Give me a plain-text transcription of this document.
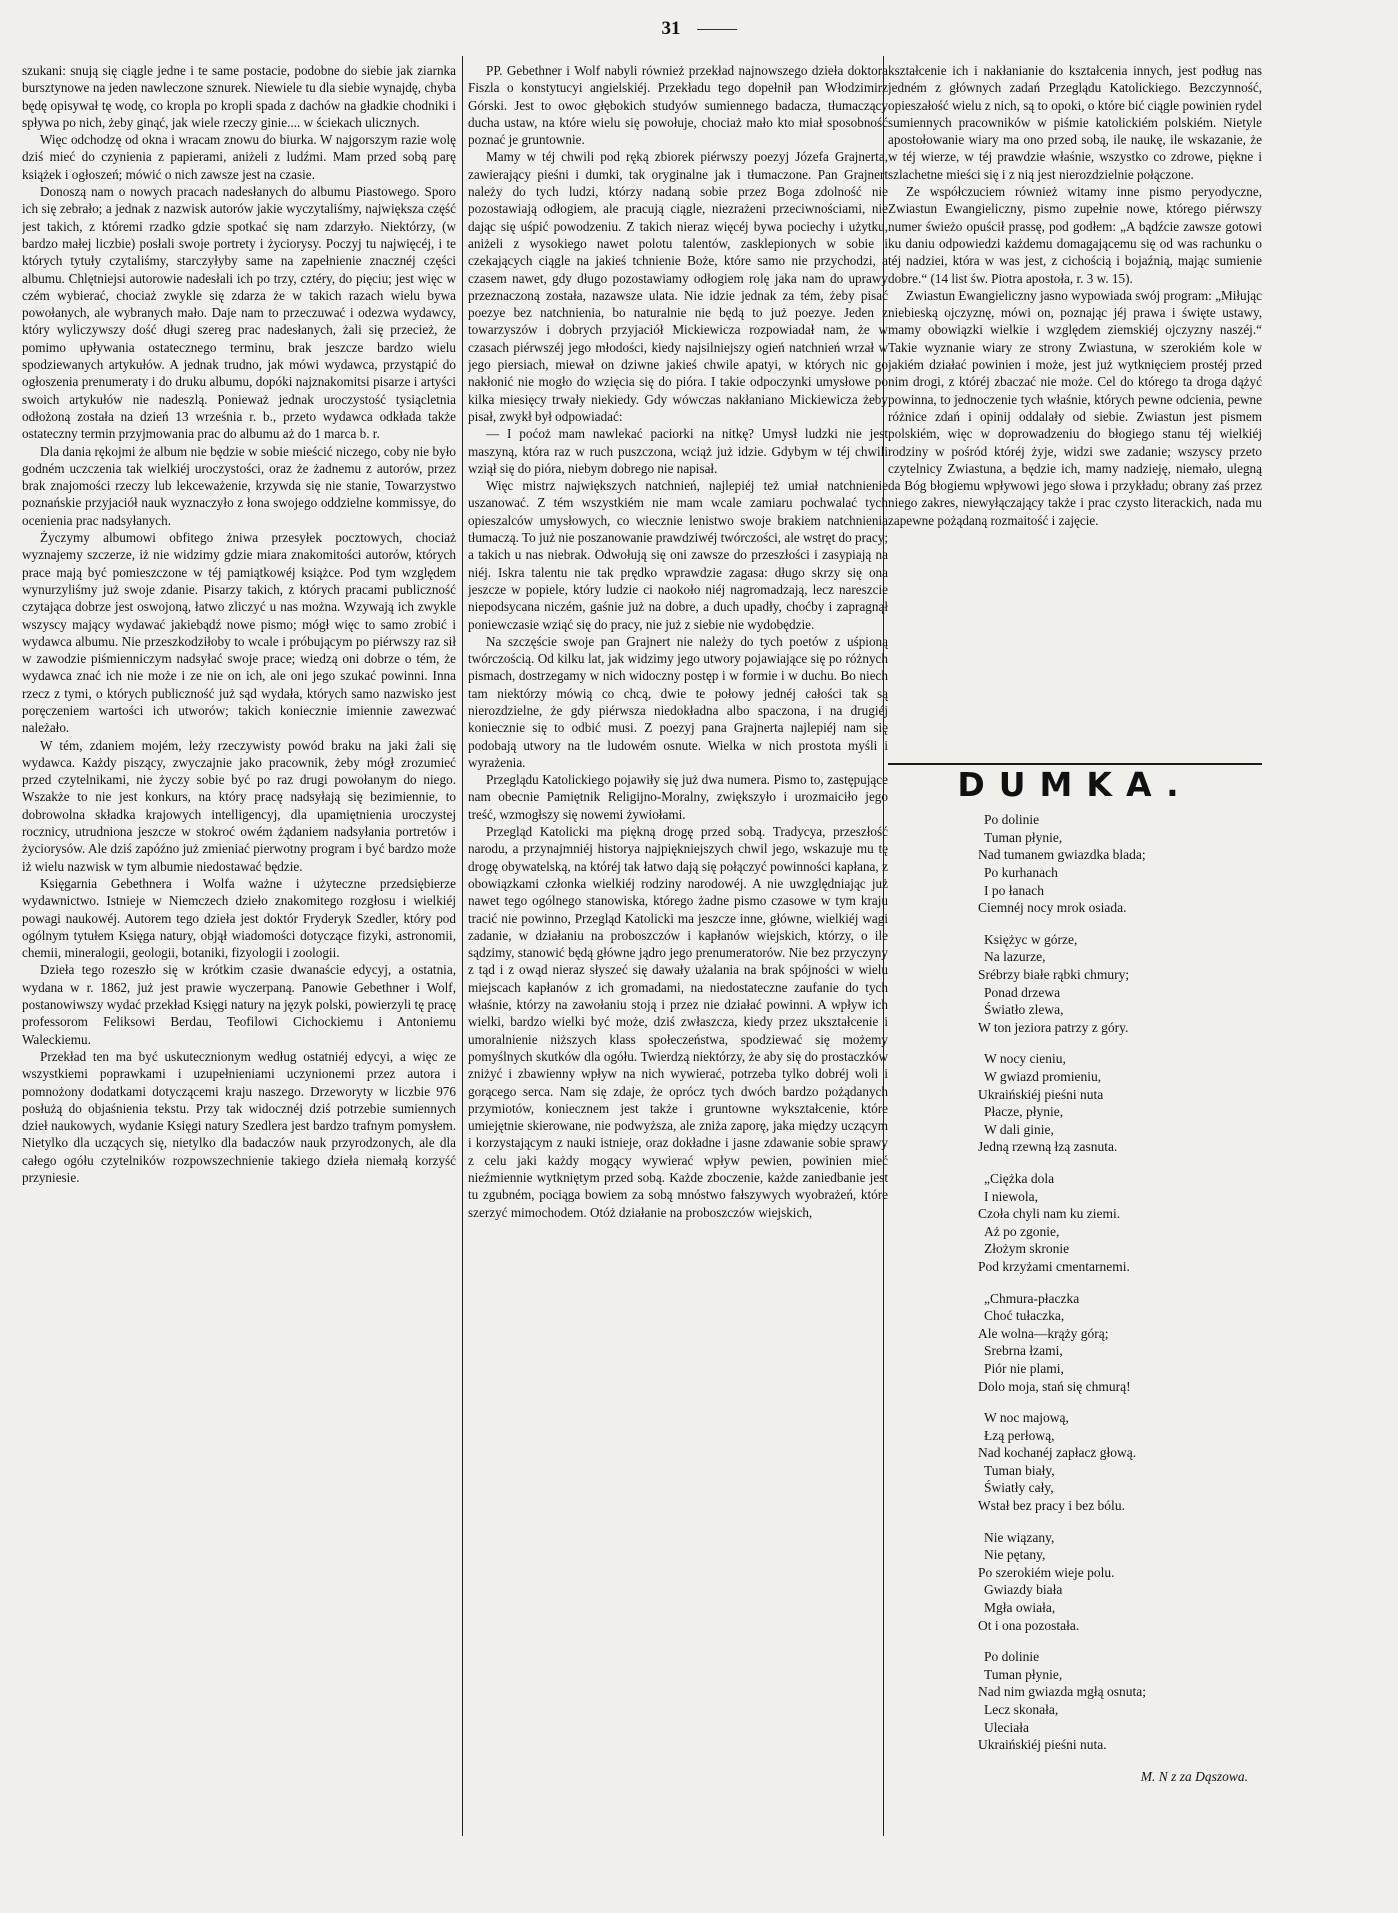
31

szukani: snują się ciągle jedne i te same postacie, podobne do siebie jak ziarnka bursztynowe na jeden nawleczone sznurek. Niewiele tu dla siebie wynajdę, chyba będę opisywał tę wodę, co kropla po kropli spada z dachów na gładkie chodniki i spływa po nich, żeby ginąć, jak wiele rzeczy ginie.... w ściekach ulicznych.

Więc odchodzę od okna i wracam znowu do biurka. W najgorszym razie wolę dziś mieć do czynienia z papierami, aniżeli z ludźmi. Mam przed sobą parę książek i ogłoszeń; mówić o nich zawsze jest na czasie.

Donoszą nam o nowych pracach nadesłanych do albumu Piastowego. Sporo ich się zebrało; a jednak z nazwisk autorów jakie wyczytaliśmy, największa część jest takich, z któremi rzadko gdzie spotkać się nam zdarzyło. Niektórzy, (w bardzo małej liczbie) posłali swoje portrety i życiorysy. Poczyj tu najwięcéj, i te których tytuły czytaliśmy, starczyłyby same na zapełnienie znacznéj części albumu. Chlętniejsi autorowie nadesłali ich po trzy, cztéry, do pięciu; jest więc w czém wybierać, chociaż zwykle się zdarza że w takich razach wielu bywa powołanych, ale wybranych mało. Daje nam to przeczuwać i odezwa wydawcy, który wyliczywszy dość długi szereg prac nadesłanych, żali się przecież, że pomimo upływania ostatecznego terminu, brak jeszcze bardzo wielu spodziewanych artykułów. A jednak trudno, jak mówi wydawca, przystąpić do ogłoszenia prenumeraty i do druku albumu, dopóki najznakomitsi pisarze i artyści swoich artykułów nie nadeszlą. Ponieważ jednak uroczystość tysiącletnia odłożoną została na dzień 13 września r. b., przeto wydawca odkłada także ostateczny termin przyjmowania prac do albumu aż do 1 marca b. r.

Dla dania rękojmi że album nie będzie w sobie mieścić niczego, coby nie było godném uczczenia tak wielkiéj uroczystości, oraz że żadnemu z autorów, przez brak znajomości rzeczy lub lekceważenie, krzywda się nie stanie, Towarzystwo poznańskie przyjaciół nauk wyznaczyło z łona swojego oddzielne kommissye, do ocenienia prac nadsyłanych.

Życzymy albumowi obfitego żniwa przesyłek pocztowych, chociaż wyznajemy szczerze, iż nie widzimy gdzie miara znakomitości autorów, których prace mają być pomieszczone w téj pamiątkowéj książce. Pod tym względem wynurzyliśmy już swoje zdanie. Pisarzy takich, z których pracami publiczność czytająca dobrze jest oswojoną, łatwo zliczyć u nas można. Wzywają ich zwykle wszyscy mający wydawać jakiebądź nowe pismo; mógł więc to samo zrobić i wydawca albumu. Nie przeszkodziłoby to wcale i próbującym po piérwszy raz sił w zawodzie piśmienniczym nadsyłać swoje prace; wiedzą oni dobrze o tém, że wydawca znać ich nie może i ze nie on ich, ale oni jego szukać powinni. Inna rzecz z tymi, o których publiczność już sąd wydała, których samo nazwisko jest poręczeniem wartości ich utworów; takich koniecznie imiennie zawezwać należało.

W tém, zdaniem mojém, leży rzeczywisty powód braku na jaki żali się wydawca. Każdy piszący, zwyczajnie jako pracownik, żeby mógł zrozumieć przed czytelnikami, nie życzy sobie być po raz drugi powołanym do niego. Wszakże to nie jest konkurs, na który pracę nadsyłają się bezimiennie, to dobrowolna składka krajowych intelligencyj, dla upamiętnienia uroczystej rocznicy, utrudniona jeszcze w stokroć owém żądaniem nadsyłania portretów i życiorysów. Ale dziś zapóźno już zmieniać pierwotny program i być bardzo może iż wielu nazwisk w tym albumie niedostawać będzie.

Księgarnia Gebethnera i Wolfa ważne i użyteczne przedsiębierze wydawnictwo. Istnieje w Niemczech dzieło znakomitego rozgłosu i wielkiéj powagi naukowéj. Autorem tego dzieła jest doktór Fryderyk Szedler, który pod ogólnym tytułem Księga natury, objął wiadomości dotyczące fizyki, astronomii, chemii, mineralogii, geologii, botaniki, fizyologii i zoologii.

Dzieła tego rozeszło się w krótkim czasie dwanaście edycyj, a ostatnia, wydana w r. 1862, już jest prawie wyczerpaną. Panowie Gebethner i Wolf, postanowiwszy wydać przekład Księgi natury na język polski, powierzyli tę pracę professorom Feliksowi Berdau, Teofilowi Cichockiemu i Antoniemu Waleckiemu.

Przekład ten ma być uskutecznionym według ostatniéj edycyi, a więc ze wszystkiemi poprawkami i uzupełnieniami uczynionemi przez autora i pomnożony dodatkami dotyczącemi kraju naszego. Drzeworyty w liczbie 976 posłużą do objaśnienia tekstu. Przy tak widocznéj dziś potrzebie sumiennych dzieł naukowych, wydanie Księgi natury Szedlera jest bardzo trafnym pomysłem. Nietylko dla uczących się, nietylko dla badaczów nauk przyrodzonych, ale dla całego ogółu czytelników rozpowszechnienie takiego dzieła niemałą korzyść przyniesie.

PP. Gebethner i Wolf nabyli również przekład najnowszego dzieła doktora Fiszla o konstytucyi angielskiéj. Przekładu tego dopełnił pan Włodzimirz Górski. Jest to owoc głębokich studyów sumiennego badacza, tłumaczący ducha ustaw, na które wielu się powołuje, chociaż mało kto miał sposobność poznać je gruntownie.

Mamy w téj chwili pod ręką zbiorek piérwszy poezyj Józefa Grajnerta, zawierający pieśni i dumki, tak oryginalne jak i tłumaczone. Pan Grajnert należy do tych ludzi, którzy nadaną sobie przez Boga zdolność nie pozostawiają odłogiem, ale pracują ciągle, niezrażeni przeciwnościami, nie dając się uśpić powodzeniu. Z takich nieraz więcéj bywa pociechy i użytku, aniżeli z wysokiego nawet polotu talentów, zasklepionych w sobie i czekających ciągle na jakieś tchnienie Boże, które samo nie przychodzi, a czasem nawet, gdy długo pozostawiamy odłogiem rolę jaka nam do uprawy przeznaczoną została, nazawsze ulata. Nie idzie jednak za tém, żeby pisać poezye bez natchnienia, bo naturalnie nie będą to już poezye. Jeden z towarzyszów i dobrych przyjaciół Mickiewicza rozpowiadał nam, że w czasach piérwszéj jego młodości, kiedy najsilniejszy ogień natchnień wrzał w jego piersiach, miewał on dziwne jakieś chwile apatyi, w których nic go nakłonić nie mogło do wzięcia się do pióra. I takie odpoczynki umysłowe po kilka miesięcy trwały niekiedy. Gdy wówczas nakłaniano Mickiewicza żeby pisał, zwykł był odpowiadać:

— I poćoż mam nawlekać paciorki na nitkę? Umysł ludzki nie jest maszyną, która raz w ruch puszczona, wciąż już idzie. Gdybym w téj chwili wziął się do pióra, niebym dobrego nie napisał.

Więc mistrz największych natchnień, najlepiéj też umiał natchnienie uszanować. Z tém wszystkiém nie mam wcale zamiaru pochwalać tych opieszalców umysłowych, co wiecznie lenistwo swoje brakiem natchnienia tłumaczą. To już nie poszanowanie prawdziwéj twórczości, ale wstręt do pracy; a takich u nas niebrak. Odwołują się oni zawsze do przeszłości i zasypiają na niéj. Iskra talentu nie tak prędko wprawdzie zagasa: długo skrzy się ona jeszcze w popiele, który ludzie ci naokoło niéj nagromadzają, lecz nareszcie niepodsycana niczém, gaśnie już na dobre, a duch upadły, choćby i zapragnął poniewczasie wziąć się do pracy, nie już z siebie nie wydobędzie.

Na szczęście swoje pan Grajnert nie należy do tych poetów z uśpioną twórczością. Od kilku lat, jak widzimy jego utwory pojawiające się po różnych pismach, dostrzegamy w nich widoczny postęp i w formie i w duchu. Bo niech tam niektórzy mówią co chcą, dwie te połowy jednéj całości tak są nierozdzielne, że gdy piérwsza niedokładna albo spaczona, i na drugiéj koniecznie się to odbić musi. Z poezyj pana Grajnerta najlepiéj nam się podobają utwory na tle ludowém osnute. Wielka w nich prostota myśli i wyrażenia.

Przeglądu Katolickiego pojawiły się już dwa numera. Pismo to, zastępujące nam obecnie Pamiętnik Religijno-Moralny, zwiększyło i urozmaiciło jego treść, wzmogłszy się nowemi żywiołami.

Przegląd Katolicki ma piękną drogę przed sobą. Tradycya, przeszłość narodu, a przynajmniéj historya najpiękniejszych chwil jego, wskazuje mu tę drogę obywatelską, na któréj tak łatwo dają się połączyć powinności kapłana, z obowiązkami członka wielkiéj rodziny narodowéj. A nie uwzględniając już nawet tego ogólnego stanowiska, którego żadne pismo czasowe w tym kraju tracić nie powinno, Przegląd Katolicki ma jeszcze inne, główne, wielkiéj wagi zadanie, w działaniu na proboszczów i kapłanów wiejskich, którzy, o ile sądzimy, stanowić będą główne jądro jego prenumeratorów. Nie bez przyczyny z tąd i z owąd nieraz słyszeć się dawały użalania na brak spójności w wielu miejscach kapłanów z ich gromadami, na niedostateczne zaufanie do tych właśnie, którzy na zawołaniu stoją i przez nie działać powinni. A wpływ ich wielki, bardzo wielki być może, dziś zwłaszcza, kiedy przez ukształcenie i umoralnienie niższych klass społeczeństwa, spodziewać się możemy pomyślnych skutków dla ogółu. Twierdzą niektórzy, że aby się do prostaczków zniżyć i zbawienny wpływ na nich wywierać, potrzeba tylko dobréj woli i gorącego serca. Nam się zdaje, że oprócz tych dwóch bardzo pożądanych przymiotów, koniecznem jest także i gruntowne wykształcenie, które umiejętnie skierowane, nie podwyższa, ale zniża zaporę, jaka między uczącym i korzystającym z nauki istnieje, oraz dokładne i jasne zdawanie sobie sprawy z celu jaki każdy mogący wywierać wpływ pewien, powinien mieć nieźmiennie wytkniętym przed sobą. Każde zboczenie, każde zaniedbanie jest tu zgubném, pociąga bowiem za sobą mnóstwo fałszywych wyobrażeń, które szerzyć mimochodem. Otóż działanie na proboszczów wiejskich,

kształcenie ich i nakłanianie do kształcenia innych, jest podług nas jedném z głównych zadań Przeglądu Katolickiego. Bezczynność, opieszałość wielu z nich, są to opoki, o które bić ciągle powinien rydel sumiennych pracowników w piśmie katolickiém polskiém. Nietyle apostołowanie wiary ma ono przed sobą, ile naukę, ile wskazanie, że w téj wierze, w téj prawdzie właśnie, wszystko co zdrowe, piękne i szlachetne mieści się i z nią jest nierozdzielnie połączone.

Ze współczuciem również witamy inne pismo peryodyczne, Zwiastun Ewangieliczny, pismo zupełnie nowe, którego piérwszy numer świeżo opuścił prassę, pod godłem: „A bądźcie zawsze gotowi ku daniu odpowiedzi każdemu domagającemu się od was rachunku o téj nadziei, która w was jest, z cichością i bojaźnią, mając sumienie dobre.“ (14 list św. Piotra apostoła, r. 3 w. 15).

Zwiastun Ewangieliczny jasno wypowiada swój program: „Miłując niebieską ojczyznę, mówi on, poznając jéj prawa i święte ustawy, mamy obowiązki wielkie i względem ziemskiéj ojczyzny naszéj.“ Takie wyznanie wiary ze strony Zwiastuna, w szerokiém kole w jakiém działać powinien i może, jest już wytknięciem prostéj przed nim drogi, z któréj zbaczać nie może. Cel do którego ta droga dążyć powinna, to jednoczenie tych właśnie, których pewne odcienia, pewne różnice zdań i opinij oddalały od siebie. Zwiastun jest pismem polskiém, więc w doprowadzeniu do błogiego stanu téj wielkiéj rodziny w pośród któréj żyje, widzi swe zadanie; wszyscy przeto czytelnicy Zwiastuna, a będzie ich, mamy nadzieję, niemało, ulegną da Bóg błogiemu wpływowi jego słowa i przykładu; obrany zaś przez niego zakres, niewyłączający także i prac czysto literackich, nada mu zapewne pożądaną rozmaitość i zajęcie.

DUMKA.
Po dolinie
Tuman płynie,
Nad tumanem gwiazdka blada;
Po kurhanach
I po łanach
Ciemnéj nocy mrok osiada.
Księżyc w górze,
Na lazurze,
Srébrzy białe rąbki chmury;
Ponad drzewa
Światło zlewa,
W ton jeziora patrzy z góry.
W nocy cieniu,
W gwiazd promieniu,
Ukraińskiéj pieśni nuta
Płacze, płynie,
W dali ginie,
Jedną rzewną łzą zasnuta.
„Ciężka dola
I niewola,
Czoła chyli nam ku ziemi.
Aż po zgonie,
Złożym skronie
Pod krzyżami cmentarnemi.
„Chmura-płaczka
Choć tułaczka,
Ale wolna—krąży górą;
Srebrna łzami,
Piór nie plami,
Dolo moja, stań się chmurą!
W noc majową,
Łzą perłową,
Nad kochanéj zapłacz głową.
Tuman biały,
Światły cały,
Wstał bez pracy i bez bólu.
Nie wiązany,
Nie pętany,
Po szerokiém wieje polu.
Gwiazdy biała
Mgła owiała,
Ot i ona pozostała.
Po dolinie
Tuman płynie,
Nad nim gwiazda mgłą osnuta;
Lecz skonała,
Uleciała
Ukraińskiéj pieśni nuta.
M. N z za Dąszowa.
